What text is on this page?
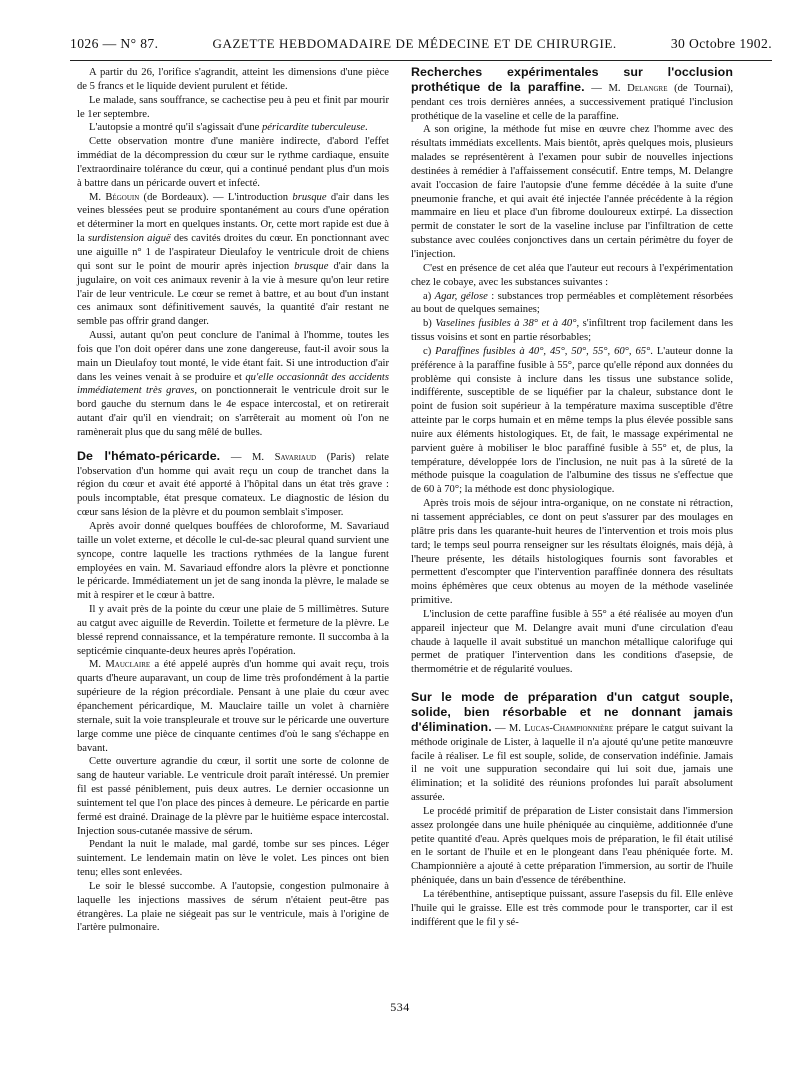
1026 — N° 87.	GAZETTE HEBDOMADAIRE DE MÉDECINE ET DE CHIRURGIE.	30 Octobre 1902.

A partir du 26, l'orifice s'agrandit, atteint les dimensions d'une pièce de 5 francs et le liquide devient purulent et fétide.

Le malade, sans souffrance, se cachectise peu à peu et finit par mourir le 1er septembre.

L'autopsie a montré qu'il s'agissait d'une péricardite tuberculeuse.

Cette observation montre d'une manière indirecte, d'abord l'effet immédiat de la décompression du cœur sur le rythme cardiaque, ensuite l'extraordinaire tolérance du cœur, qui a continué pendant plus d'un mois à battre dans un péricarde ouvert et infecté.

M. Bégouin (de Bordeaux). — L'introduction brusque d'air dans les veines blessées peut se produire spontanément au cours d'une opération et déterminer la mort en quelques instants. Or, cette mort rapide est due à la surdistension aiguë des cavités droites du cœur. En ponctionnant avec une aiguille n° 1 de l'aspirateur Dieulafoy le ventricule droit de chiens qui sont sur le point de mourir après injection brusque d'air dans la jugulaire, on voit ces animaux revenir à la vie à mesure qu'on leur retire l'air de leur ventricule. Le cœur se remet à battre, et au bout d'un instant ces animaux sont définitivement sauvés, la quantité d'air restant ne semble pas offrir grand danger.

Aussi, autant qu'on peut conclure de l'animal à l'homme, toutes les fois que l'on doit opérer dans une zone dangereuse, faut-il avoir sous la main un Dieulafoy tout monté, le vide étant fait. Si une introduction d'air dans les veines venait à se produire et qu'elle occasionnât des accidents immédiatement très graves, on ponctionnerait le ventricule droit sur le bord gauche du sternum dans le 4e espace intercostal, et on retirerait autant d'air qu'il en viendrait; on s'arrêterait au moment où l'on ne ramènerait plus que du sang mêlé de bulles.

De l'hémato-péricarde. — M. Savariaud (Paris) relate l'observation d'un homme qui avait reçu un coup de tranchet dans la région du cœur et avait été apporté à l'hôpital dans un état très grave : pouls incomptable, état presque comateux. Le diagnostic de lésion du cœur sans lésion de la plèvre et du poumon semblait s'imposer.

Après avoir donné quelques bouffées de chloroforme, M. Savariaud taille un volet externe, et décolle le cul-de-sac pleural quand survient une syncope, contre laquelle les tractions rythmées de la langue furent employées en vain. M. Savariaud effondre alors la plèvre et ponctionne le péricarde. Immédiatement un jet de sang inonda la plèvre, le malade se mit à respirer et le cœur à battre.

Il y avait près de la pointe du cœur une plaie de 5 millimètres. Suture au catgut avec aiguille de Reverdin. Toilette et fermeture de la plèvre. Le blessé reprend connaissance, et la température remonte. Il succomba à la septicémie cinquante-deux heures après l'opération.

M. Mauclaire a été appelé auprès d'un homme qui avait reçu, trois quarts d'heure auparavant, un coup de lime très profondément à la partie supérieure de la région précordiale. Pensant à une plaie du cœur avec épanchement péricardique, M. Mauclaire taille un volet à charnière sternale, suit la voie transpleurale et trouve sur le péricarde une ouverture large comme une pièce de cinquante centimes d'où le sang s'échappe en bavant.

Cette ouverture agrandie du cœur, il sortit une sorte de colonne de sang de hauteur variable. Le ventricule droit paraît intéressé. Un premier fil est passé péniblement, puis deux autres. Le dernier occasionne un suintement tel que l'on place des pinces à demeure. Le péricarde en partie fermé est drainé. Drainage de la plèvre par le huitième espace intercostal. Injection sous-cutanée massive de sérum.

Pendant la nuit le malade, mal gardé, tombe sur ses pinces. Léger suintement. Le lendemain matin on lève le volet. Les pinces ont bien tenu; elles sont enlevées.

Le soir le blessé succombe. A l'autopsie, congestion pulmonaire à laquelle les injections massives de sérum n'étaient peut-être pas étrangères. La plaie ne siégeait pas sur le ventricule, mais à l'origine de l'artère pulmonaire.

Recherches expérimentales sur l'occlusion prothétique de la paraffine. — M. Delangre (de Tournai), pendant ces trois dernières années, a successivement pratiqué l'inclusion prothétique de la vaseline et celle de la paraffine.

A son origine, la méthode fut mise en œuvre chez l'homme avec des résultats immédiats excellents. Mais bientôt, après quelques mois, plusieurs malades se représentèrent à l'examen pour subir de nouvelles injections destinées à remédier à l'affaissement consécutif. Entre temps, M. Delangre avait l'occasion de faire l'autopsie d'une femme décédée à la suite d'une pneumonie franche, et qui avait été injectée l'année précédente à la région mammaire en lieu et place d'un fibrome douloureux extirpé. La dissection permit de constater le sort de la vaseline incluse par l'infiltration de cette substance avec coulées conjonctives dans un certain périmètre du foyer de l'injection.

C'est en présence de cet aléa que l'auteur eut recours à l'expérimentation chez le cobaye, avec les substances suivantes :

a) Agar, gélose : substances trop perméables et complètement résorbées au bout de quelques semaines;

b) Vaselines fusibles à 38° et à 40°, s'infiltrent trop facilement dans les tissus voisins et sont en partie résorbables;

c) Paraffines fusibles à 40°, 45°, 50°, 55°, 60°, 65°. L'auteur donne la préférence à la paraffine fusible à 55°, parce qu'elle répond aux données du problème qui consiste à inclure dans les tissus une substance solide, indifférente, susceptible de se liquéfier par la chaleur, substance dont le point de fusion soit supérieur à la température maxima susceptible d'être atteinte par le corps humain et en même temps la plus élevée possible sans nuire aux éléments histologiques. Et, de fait, le massage expérimental ne parvient guère à mobiliser le bloc paraffiné fusible à 55° et, de plus, la température, développée lors de l'inclusion, ne nuit pas à la sûreté de la méthode puisque la coagulation de l'albumine des tissus ne s'effectue que de 60 à 70°; la méthode est donc physiologique.

Après trois mois de séjour intra-organique, on ne constate ni rétraction, ni tassement appréciables, ce dont on peut s'assurer par des moulages en plâtre pris dans les quarante-huit heures de l'intervention et trois mois plus tard; le temps seul pourra renseigner sur les résultats éloignés, mais déjà, à l'heure présente, les détails histologiques fournis sont favorables et permettent d'escompter que l'intervention paraffinée donnera des résultats moins éphémères que ceux obtenus au moyen de la méthode vaselinée primitive.

L'inclusion de cette paraffine fusible à 55° a été réalisée au moyen d'un appareil injecteur que M. Delangre avait muni d'une circulation d'eau chaude à laquelle il avait substitué un manchon métallique calorifuge qui permet de pratiquer l'intervention dans les conditions d'asepsie, de thermométrie et de régularité voulues.

Sur le mode de préparation d'un catgut souple, solide, bien résorbable et ne donnant jamais d'élimination. — M. Lucas-Championnière prépare le catgut suivant la méthode originale de Lister, à laquelle il n'a ajouté qu'une petite manœuvre facile à réaliser. Le fil est souple, solide, de conservation indéfinie. Jamais il ne voit une suppuration secondaire qui lui soit due, jamais une élimination; et la solidité des réunions profondes lui paraît absolument assurée.

Le procédé primitif de préparation de Lister consistait dans l'immersion assez prolongée dans une huile phéniquée au cinquième, additionnée d'une petite quantité d'eau. Après quelques mois de préparation, le fil était utilisé en le sortant de l'huile et en le plongeant dans l'eau phéniquée forte. M. Championnière a ajouté à cette préparation l'immersion, au sortir de l'huile phéniquée, dans un bain d'essence de térébenthine.

La térébenthine, antiseptique puissant, assure l'asepsis du fil. Elle enlève l'huile qui le graisse. Elle est très commode pour le transporter, car il est indifférent que le fil y sé-

534
